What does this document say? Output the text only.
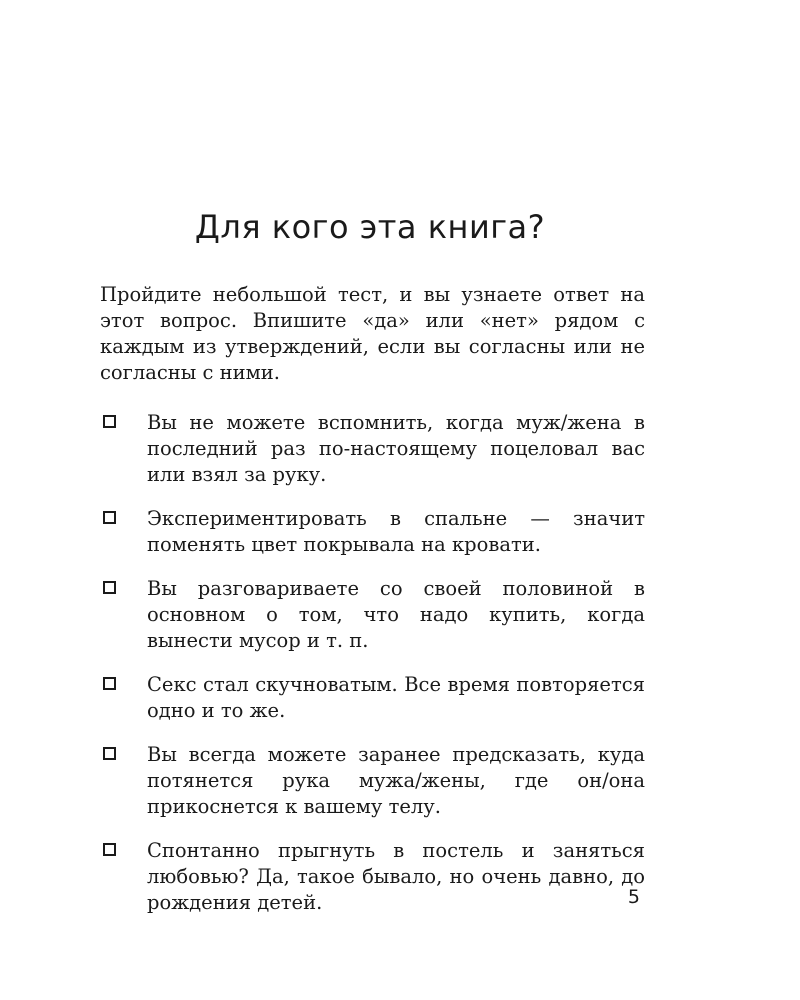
Для кого эта книга?

Пройдите небольшой тест, и вы узнаете ответ на этот вопрос. Впишите «да» или «нет» рядом с каждым из утверждений, если вы согласны или не согласны с ними.

Вы не можете вспомнить, когда муж/жена в последний раз по-настоящему поцеловал вас или взял за руку.
Экспериментировать в спальне — значит поменять цвет покрывала на кровати.
Вы разговариваете со своей половиной в основном о том, что надо купить, когда вынести мусор и т. п.
Секс стал скучноватым. Все время повторяется одно и то же.
Вы всегда можете заранее предсказать, куда потянется рука мужа/жены, где он/она прикоснется к вашему телу.
Спонтанно прыгнуть в постель и заняться любовью? Да, такое бывало, но очень давно, до рождения детей.	5
